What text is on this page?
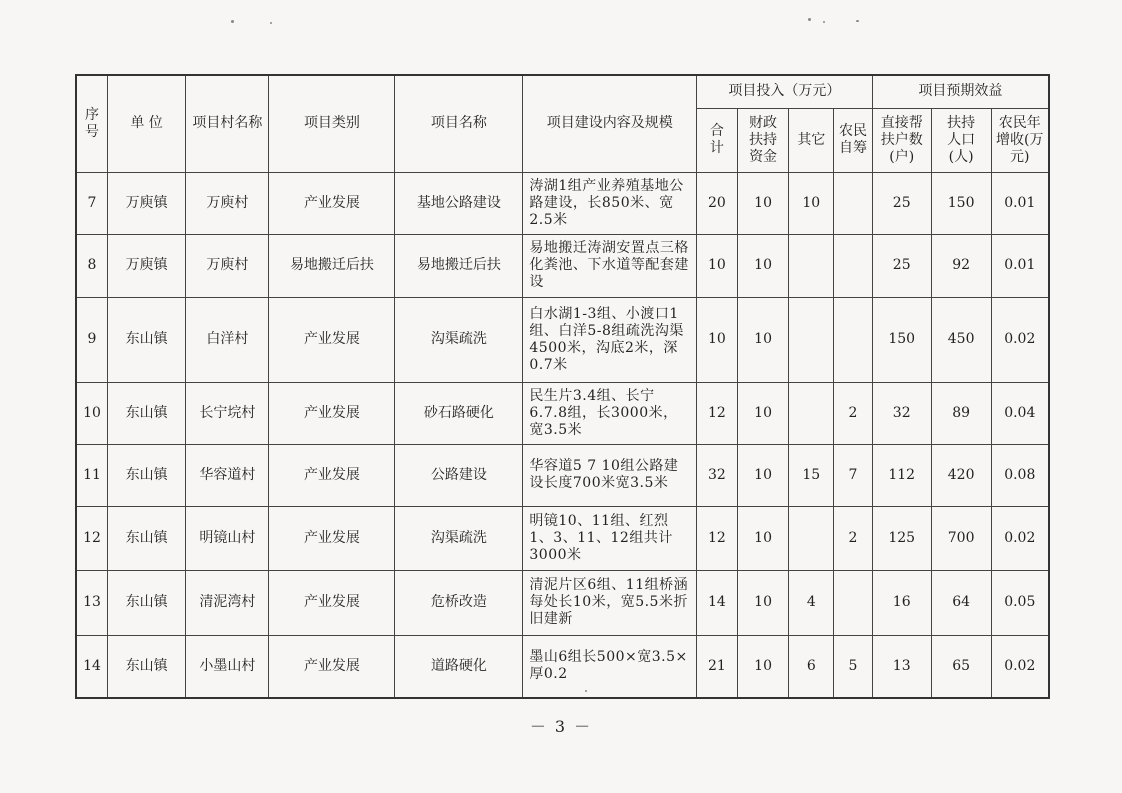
序号	单 位	项目村名称	项目类别	项目名称	项目建设内容及规模	项目投入（万元）				项目预期效益		
						合计	财政扶持资金	其它	农民自筹	直接帮扶户数(户)	扶持人口(人)	农民年增收(万元)
7	万庾镇	万庾村	产业发展	基地公路建设	涛湖1组产业养殖基地公路建设，长850米、宽2.5米	20	10	10		25	150	0.01
8	万庾镇	万庾村	易地搬迁后扶	易地搬迁后扶	易地搬迁涛湖安置点三格化粪池、下水道等配套建设	10	10			25	92	0.01
9	东山镇	白洋村	产业发展	沟渠疏洗	白水湖1-3组、小渡口1组、白洋5-8组疏洗沟渠4500米，沟底2米，深0.7米	10	10			150	450	0.02
10	东山镇	长宁垸村	产业发展	砂石路硬化	民生片3.4组、长宁6.7.8组，长3000米，宽3.5米	12	10		2	32	89	0.04
11	东山镇	华容道村	产业发展	公路建设	华容道5 7 10组公路建设长度700米宽3.5米	32	10	15	7	112	420	0.08
12	东山镇	明镜山村	产业发展	沟渠疏洗	明镜10、11组、红烈1、3、11、12组共计3000米	12	10		2	125	700	0.02
13	东山镇	清泥湾村	产业发展	危桥改造	清泥片区6组、11组桥涵每处长10米，宽5.5米折旧建新	14	10	4		16	64	0.05
14	东山镇	小墨山村	产业发展	道路硬化	墨山6组长500×宽3.5×厚0.2	21	10	6	5	13	65	0.02
－ 3 －
